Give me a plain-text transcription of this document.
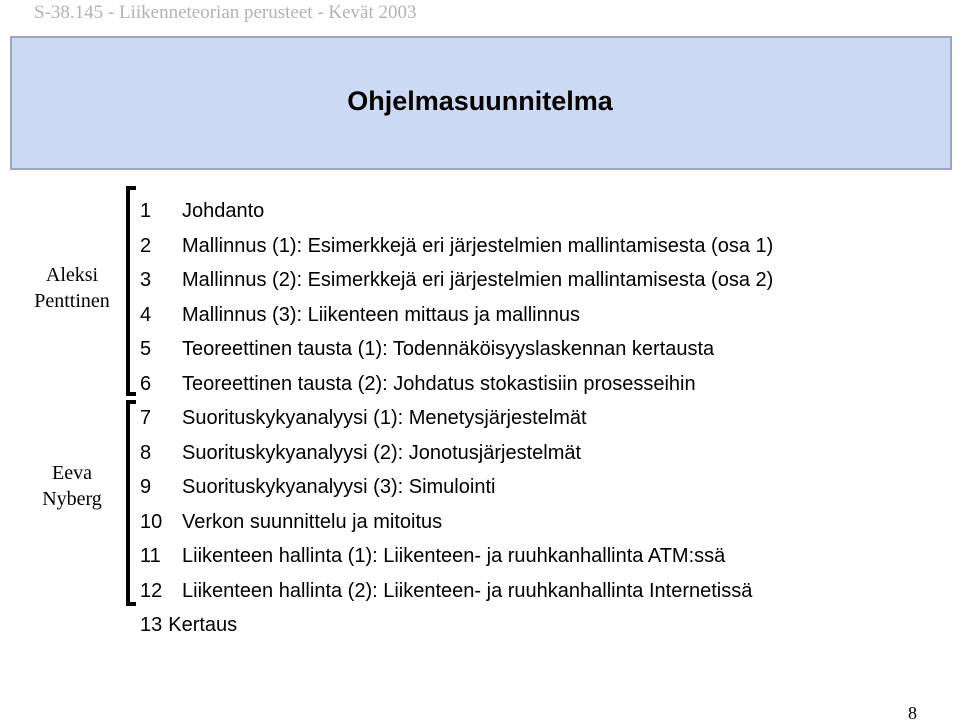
S-38.145 - Liikenneteorian perusteet - Kevät 2003
Ohjelmasuunnitelma
Aleksi
Penttinen
Eeva
Nyberg
1 Johdanto
2 Mallinnus (1): Esimerkkejä eri järjestelmien mallintamisesta (osa 1)
3 Mallinnus (2): Esimerkkejä eri järjestelmien mallintamisesta (osa 2)
4 Mallinnus (3): Liikenteen mittaus ja mallinnus
5 Teoreettinen tausta (1): Todennäköisyyslaskennan kertausta
6 Teoreettinen tausta (2): Johdatus stokastisiin prosesseihin
7 Suorituskykyanalyysi (1): Menetysjärjestelmät
8 Suorituskykyanalyysi (2): Jonotusjärjestelmät
9 Suorituskykyanalyysi (3): Simulointi
10 Verkon suunnittelu ja mitoitus
11 Liikenteen hallinta (1): Liikenteen- ja ruuhkanhallinta ATM:ssä
12 Liikenteen hallinta (2): Liikenteen- ja ruuhkanhallinta Internetissä
13 Kertaus
8
